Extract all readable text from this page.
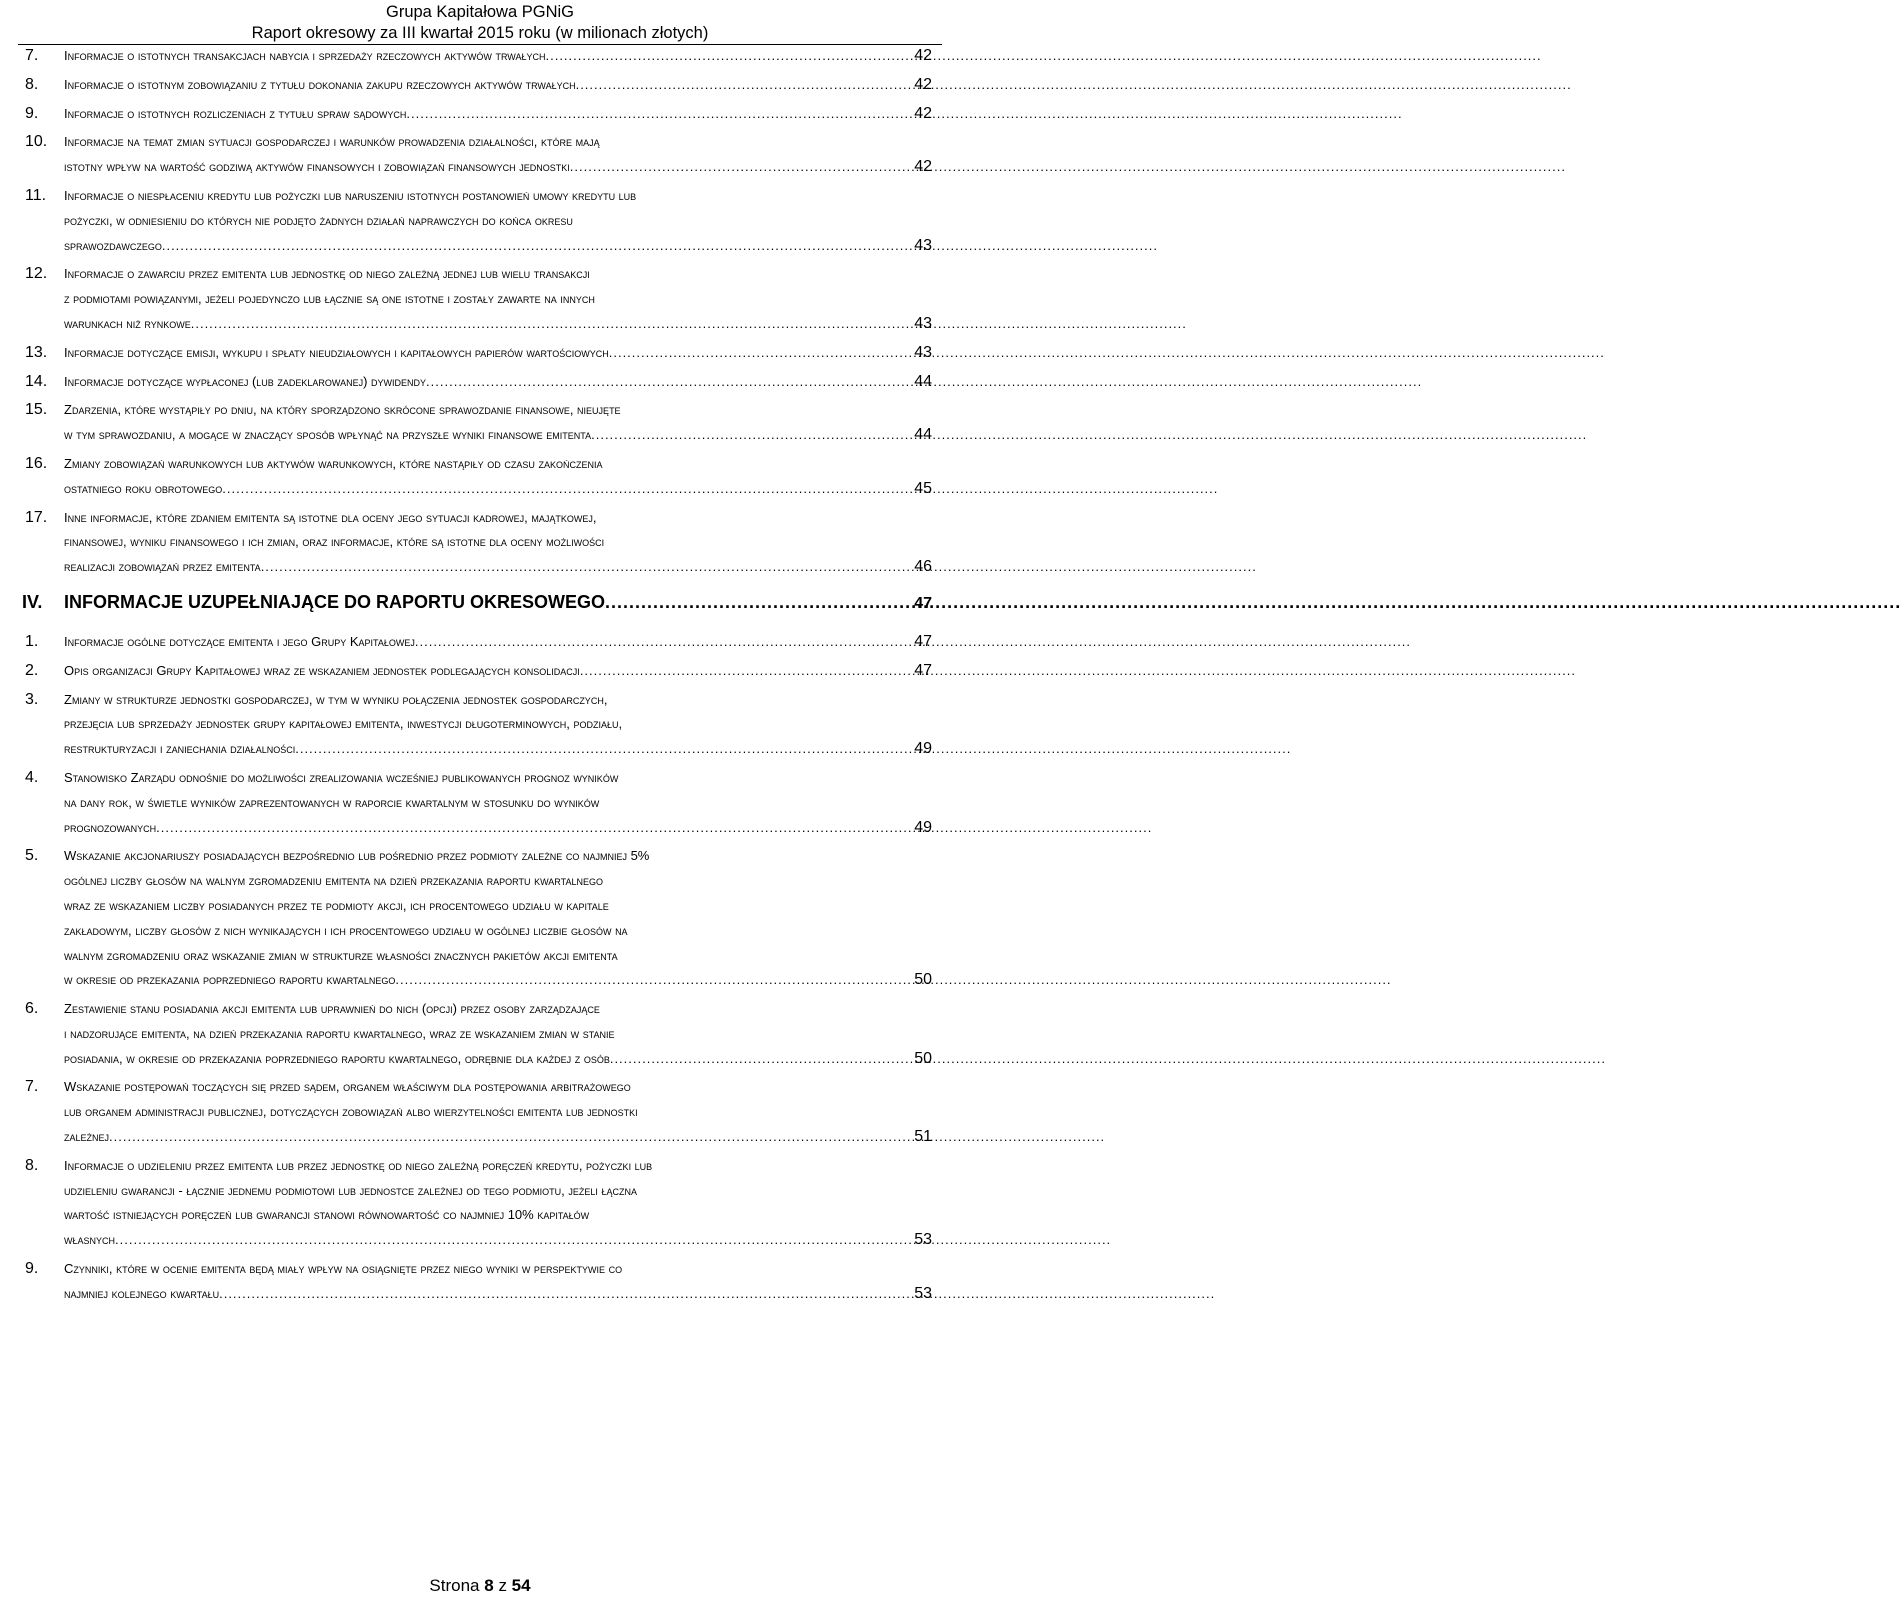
Grupa Kapitałowa PGNiG
Raport okresowy za III kwartał 2015 roku (w milionach złotych)
7. Informacje o istotnych transakcjach nabycia i sprzedaży rzeczowych aktywów trwałych .....	42
8. Informacje o istotnym zobowiązaniu z tytułu dokonania zakupu rzeczowych aktywów trwałych .....	42
9. Informacje o istotnych rozliczeniach z tytułu spraw sądowych .....	42
10. Informacje na temat zmian sytuacji gospodarczej i warunków prowadzenia działalności, które mają
istotny wpływ na wartość godziwą aktywów finansowych i zobowiązań finansowych jednostki .....	42
11. Informacje o niespłaceniu kredytu lub pożyczki lub naruszeniu istotnych postanowień umowy kredytu lub
pożyczki, w odniesieniu do których nie podjęto żadnych działań naprawczych do końca okresu
sprawozdawczego .....	43
12. Informacje o zawarciu przez emitenta lub jednostkę od niego zależną jednej lub wielu transakcji
z podmiotami powiązanymi, jeżeli pojedynczo lub łącznie są one istotne i zostały zawarte na innych
warunkach niż rynkowe .....	43
13. Informacje dotyczące emisji, wykupu i spłaty nieudziałowych i kapitałowych papierów wartościowych .....	43
14. Informacje dotyczące wypłaconej (lub zadeklarowanej) dywidendy .....	44
15. Zdarzenia, które wystąpiły po dniu, na który sporządzono skrócone sprawozdanie finansowe, nieujęte
w tym sprawozdaniu, a mogące w znaczący sposób wpłynąć na przyszłe wyniki finansowe emitenta .....	44
16. Zmiany zobowiązań warunkowych lub aktywów warunkowych, które nastąpiły od czasu zakończenia
ostatniego roku obrotowego .....	45
17. Inne informacje, które zdaniem emitenta są istotne dla oceny jego sytuacji kadrowej, majątkowej,
finansowej, wyniku finansowego i ich zmian, oraz informacje, które są istotne dla oceny możliwości
realizacji zobowiązań przez emitenta .....	46
IV. INFORMACJE UZUPEŁNIAJĄCE DO RAPORTU OKRESOWEGO .....	47
1. Informacje ogólne dotyczące emitenta i jego Grupy Kapitałowej .....	47
2. Opis organizacji Grupy Kapitałowej wraz ze wskazaniem jednostek podlegających konsolidacji .....	47
3. Zmiany w strukturze jednostki gospodarczej, w tym w wyniku połączenia jednostek gospodarczych,
przejęcia lub sprzedaży jednostek grupy kapitałowej emitenta, inwestycji długoterminowych, podziału,
restrukturyzacji i zaniechania działalności .....	49
4. Stanowisko Zarządu odnośnie do możliwości zrealizowania wcześniej publikowanych prognoz wyników
na dany rok, w świetle wyników zaprezentowanych w raporcie kwartalnym w stosunku do wyników
prognozowanych .....	49
5. Wskazanie akcjonariuszy posiadających bezpośrednio lub pośrednio przez podmioty zależne co najmniej 5%
ogólnej liczby głosów na walnym zgromadzeniu emitenta na dzień przekazania raportu kwartalnego
wraz ze wskazaniem liczby posiadanych przez te podmioty akcji, ich procentowego udziału w kapitale
zakładowym, liczby głosów z nich wynikających i ich procentowego udziału w ogólnej liczbie głosów na
walnym zgromadzeniu oraz wskazanie zmian w strukturze własności znacznych pakietów akcji emitenta
w okresie od przekazania poprzedniego raportu kwartalnego .....	50
6. Zestawienie stanu posiadania akcji emitenta lub uprawnień do nich (opcji) przez osoby zarządzające
i nadzorujące emitenta, na dzień przekazania raportu kwartalnego, wraz ze wskazaniem zmian w stanie
posiadania, w okresie od przekazania poprzedniego raportu kwartalnego, odrębnie dla każdej z osób .....	50
7. Wskazanie postępowań toczących się przed sądem, organem właściwym dla postępowania arbitrażowego
lub organem administracji publicznej, dotyczących zobowiązań albo wierzytelności emitenta lub jednostki
zależnej .....	51
8. Informacje o udzieleniu przez emitenta lub przez jednostkę od niego zależną poręczeń kredytu, pożyczki lub
udzieleniu gwarancji - łącznie jednemu podmiotowi lub jednostce zależnej od tego podmiotu, jeżeli łączna
wartość istniejących poręczeń lub gwarancji stanowi równowartość co najmniej 10% kapitałów
własnych .....	53
9. Czynniki, które w ocenie emitenta będą miały wpływ na osiągnięte przez niego wyniki w perspektywie co
najmniej kolejnego kwartału .....	53
Strona 8 z 54
